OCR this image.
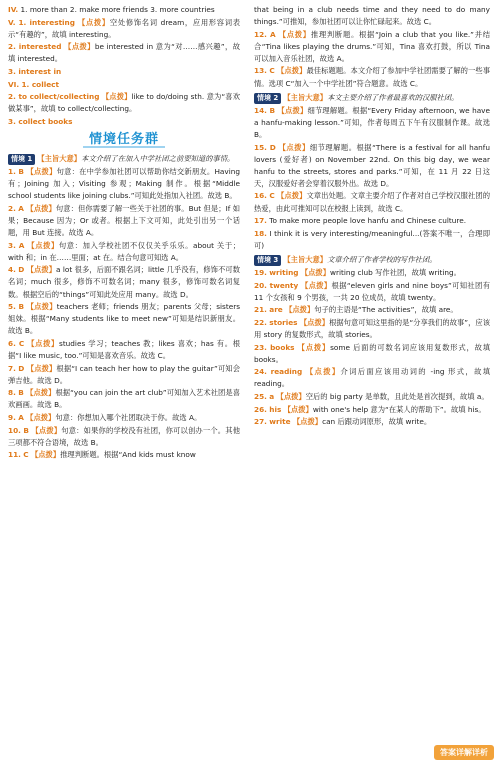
IV. 1. more than 2. make more friends 3. more countries
V. 1. interesting 【点拨】空处修饰名词 dream，应用形容词表示“有趣的”，故填 interesting。
2. interested 【点拨】be interested in 意为“对……感兴趣”，故填 interested。
3. interest in
VI. 1. collect
2. to collect/collecting 【点拨】like to do/doing sth. 意为“喜欢做某事”，故填 to collect/collecting。
3. collect books
情境任务群
情境 1 【主旨大意】本文介绍了在加入中学社团之前要知道的事情。
1. B 【点拨】句意：在中学参加社团可以帮助你结交新朋友。Having 有；Joining 加入；Visiting 参观；Making 制作。根据“Middle school students like joining clubs.”可知此处指加入社团。故选 B。
2. A 【点拨】句意：但你需要了解一些关于社团的事。But 但是；If 如果；Because 因为；Or 或者。根据上下文可知，此处引出另一个话题，用 But 连接。故选 A。
3. A 【点拨】句意：加入学校社团不仅仅关乎乐乐。about 关于；with 和；in 在……里面；at 在。结合句意可知选 A。
4. D 【点拨】a lot 很多，后面不跟名词；little 几乎没有，修饰不可数名词；much 很多，修饰不可数名词；many 很多，修饰可数名词复数。根据空后的“things”可知此处应用 many。故选 D。
5. B 【点拨】teachers 老师；friends 朋友；parents 父母；sisters 姐妹。根据“Many students like to meet new”可知是结识新朋友。故选 B。
6. C 【点拨】studies 学习；teaches 教；likes 喜欢；has 有。根据“I like music, too.”可知是喜欢音乐。故选 C。
7. D 【点拨】根据“I can teach her how to play the guitar”可知会弹吉他。故选 D。
8. B 【点拨】根据“you can join the art club”可知加入艺术社团是喜欢画画。故选 B。
9. A 【点拨】句意：你想加入哪个社团取决于你。故选 A。
10. B 【点拨】句意：如果你的学校没有社团，你可以创办一个。其他三项都不符合语境，故选 B。
11. C 【点拨】推理判断题。根据“And kids must know
that being in a club needs time and they need to do many things.”可推知，参加社团可以让你忙碌起来。故选 C。
12. A 【点拨】推理判断题。根据“Join a club that you like.”并结合“Tina likes playing the drums.”可知，Tina 喜欢打鼓，所以 Tina 可以加入音乐社团，故选 A。
13. C 【点拨】最佳标题题。本文介绍了参加中学社团需要了解的一些事情。选项 C“加入一个中学社团”符合题意。故选 C。
情境 2 【主旨大意】本文主要介绍了作者最喜欢的汉服社团。
14. B 【点拨】细节理解题。根据“Every Friday afternoon, we have a hanfu-making lesson.”可知，作者每周五下午有汉服制作课。故选 B。
15. D 【点拨】细节理解题。根据“There is a festival for all hanfu lovers (爱好者) on November 22nd. On this big day, we wear hanfu to the streets, stores and parks.”可知，在 11 月 22 日这天，汉服爱好者会穿着汉服外出。故选 D。
16. C 【点拨】文章出处题。文章主要介绍了作者对自己学校汉服社团的热爱，由此可推知可以在校报上读到，故选 C。
17. To make more people love hanfu and Chinese culture.
18. I think it is very interesting/meaningful...(答案不唯一，合理即可)
情境 3 【主旨大意】文章介绍了作者学校的写作社团。
19. writing 【点拨】writing club 写作社团，故填 writing。
20. twenty 【点拨】根据“eleven girls and nine boys”可知社团有 11 个女孩和 9 个男孩，一共 20 位成员，故填 twenty。
21. are 【点拨】句子的主语是“The activities”，故填 are。
22. stories 【点拨】根据句意可知这里指的是“分享我们的故事”，应该用 story 的复数形式，故填 stories。
23. books 【点拨】some 后面的可数名词应该用复数形式，故填 books。
24. reading 【点拨】介词后面应该用动词的 -ing 形式，故填 reading。
25. a 【点拨】空后的 big party 是单数，且此处是首次提到，故填 a。
26. his 【点拨】with one's help 意为“在某人的帮助下”。故填 his。
27. write 【点拨】can 后跟动词原形，故填 write。
答案详解详析
